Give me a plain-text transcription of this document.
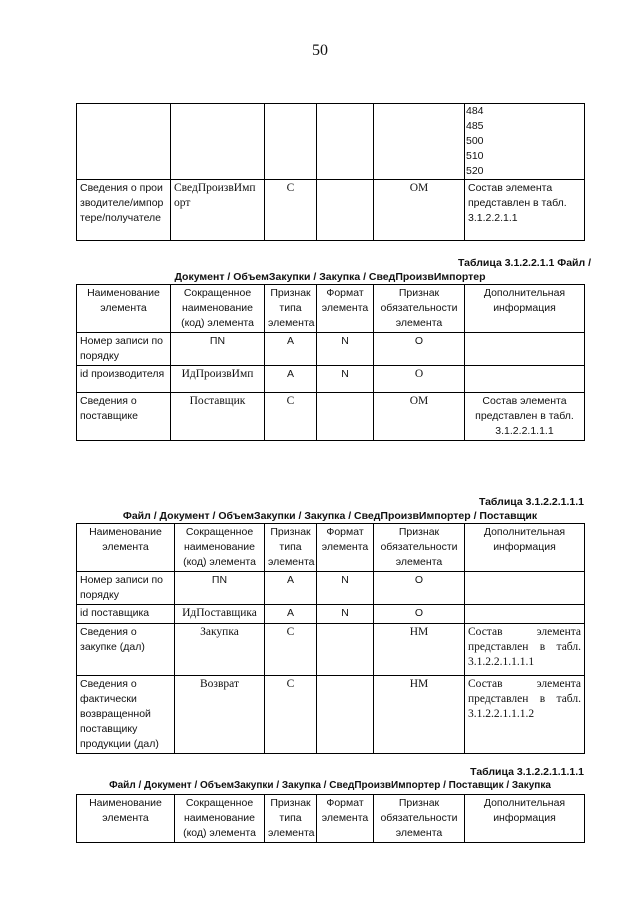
50

					484
485
500
510
520

Сведения о производителе/импортере/получателе	СведПроизвИмпорт	С		ОМ	Состав элемента представлен в табл. 3.1.2.2.1.1
Таблица 3.1.2.2.1.1 Файл /
Документ / ОбъемЗакупки / Закупка / СведПроизвИмпортер
Наименование элемента	Сокращенное наименование (код) элемента	Признак типа элемента	Формат элемента	Признак обязательности элемента	Дополнительная информация
Номер записи по порядку	ПN	А	N	О	
id производителя	ИдПроизвИмп	А	N	О	
Сведения о поставщике	Поставщик	С		ОМ	Состав элемента представлен в табл. 3.1.2.2.1.1.1
Таблица 3.1.2.2.1.1.1
Файл / Документ / ОбъемЗакупки / Закупка / СведПроизвИмпортер / Поставщик
Наименование элемента	Сокращенное наименование (код) элемента	Признак типа элемента	Формат элемента	Признак обязательности элемента	Дополнительная информация
Номер записи по порядку	ПN	А	N	О	
id поставщика	ИдПоставщика	А	N	О	
Сведения о закупке (дал)	Закупка	С		НМ	Состав элемента представлен в табл. 3.1.2.2.1.1.1.1
Сведения о фактически возвращенной поставщику продукции (дал)	Возврат	С		НМ	Состав элемента представлен в табл. 3.1.2.2.1.1.1.2
Таблица 3.1.2.2.1.1.1.1
Файл / Документ / ОбъемЗакупки / Закупка / СведПроизвИмпортер / Поставщик / Закупка
Наименование элемента	Сокращенное наименование (код) элемента	Признак типа элемента	Формат элемента	Признак обязательности элемента	Дополнительная информация
